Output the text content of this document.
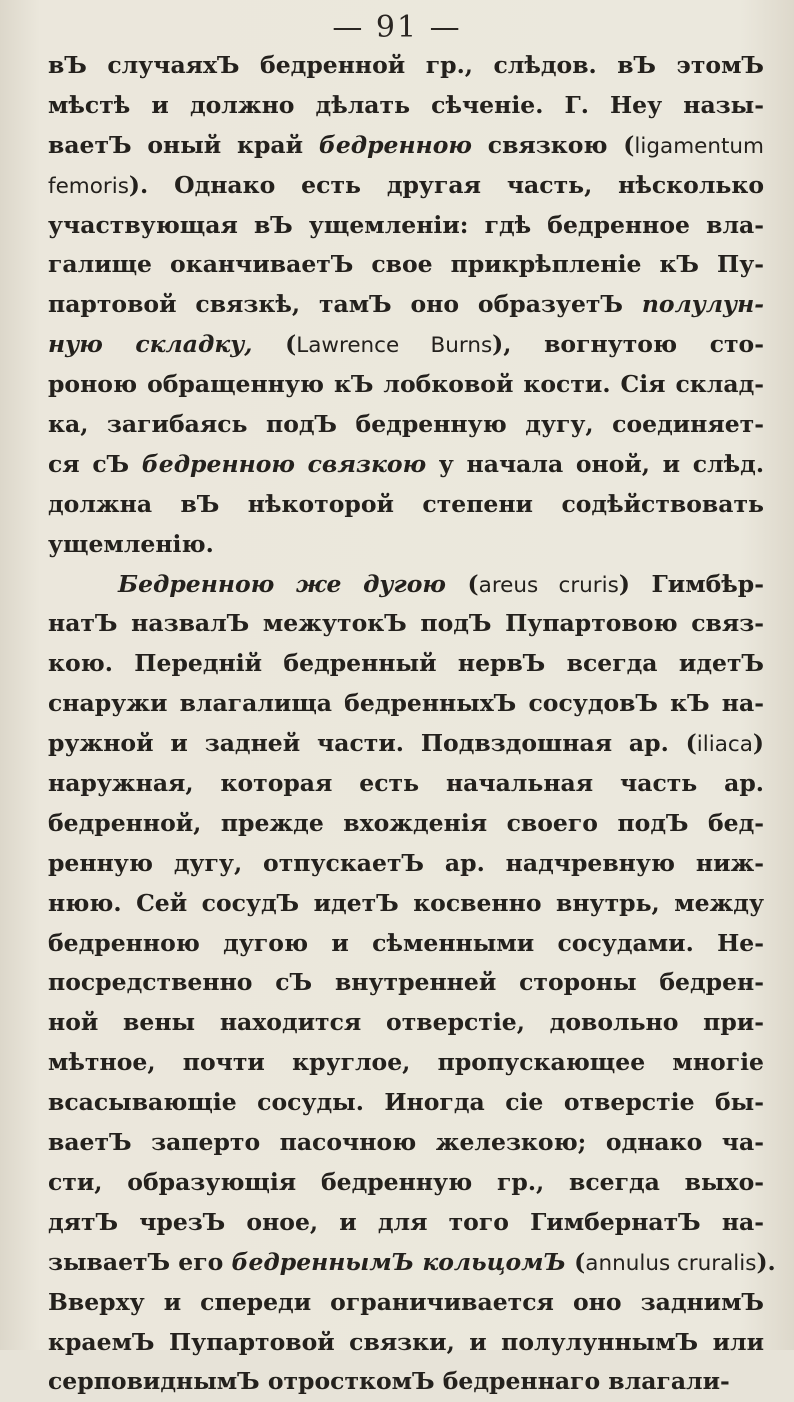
— 91 —
вЪ случаяхЪ бедренной гр., слѣдов. вЪ этомЪ
мѣстѣ и должно дѣлать сѣченіе. Г. Неу назы-
ваетЪ оный край бедренною связкою (ligamentum
femoris). Однако есть другая часть, нѣсколько
участвующая вЪ ущемленіи: гдѣ бедренное вла-
галище оканчиваетЪ свое прикрѣпленіе кЪ Пу-
партовой связкѣ, тамЪ оно образуетЪ полулун-
ную складку, (Lawrence Burns), вогнутою сто-
роною обращенную кЪ лобковой кости. Сія склад-
ка, загибаясь подЪ бедренную дугу, соединяет-
ся сЪ бедренною связкою у начала оной, и слѣд.
должна вЪ нѣкоторой степени содѣйствовать
ущемленію.
Бедренною же дугою (areus cruris) Гимбѣр-
натЪ назвалЪ межутокЪ подЪ Пупартовою связ-
кою. Передній бедренный нервЪ всегда идетЪ
снаружи влагалища бедренныхЪ сосудовЪ кЪ на-
ружной и задней части. Подвздошная ар. (iliaca)
наружная, которая есть начальная часть ар.
бедренной, прежде вхожденія своего подЪ бед-
ренную дугу, отпускаетЪ ар. надчревную ниж-
нюю. Сей сосудЪ идетЪ косвенно внутрь, между
бедренною дугою и сѣменными сосудами. Не-
посредственно сЪ внутренней стороны бедрен-
ной вены находится отверстіе, довольно при-
мѣтное, почти круглое, пропускающее многіе
всасывающіе сосуды. Иногда сіе отверстіе бы-
ваетЪ заперто пасочною железкою; однако ча-
сти, образующія бедренную гр., всегда выхо-
дятЪ чрезЪ оное, и для того ГимбернатЪ на-
зываетЪ его бедреннымЪ кольцомЪ (annulus cruralis).
Вверху и спереди ограничивается оно заднимЪ
краемЪ Пупартовой связки, и полулуннымЪ или
серповиднымЪ отросткомЪ бедреннаго влагали-
